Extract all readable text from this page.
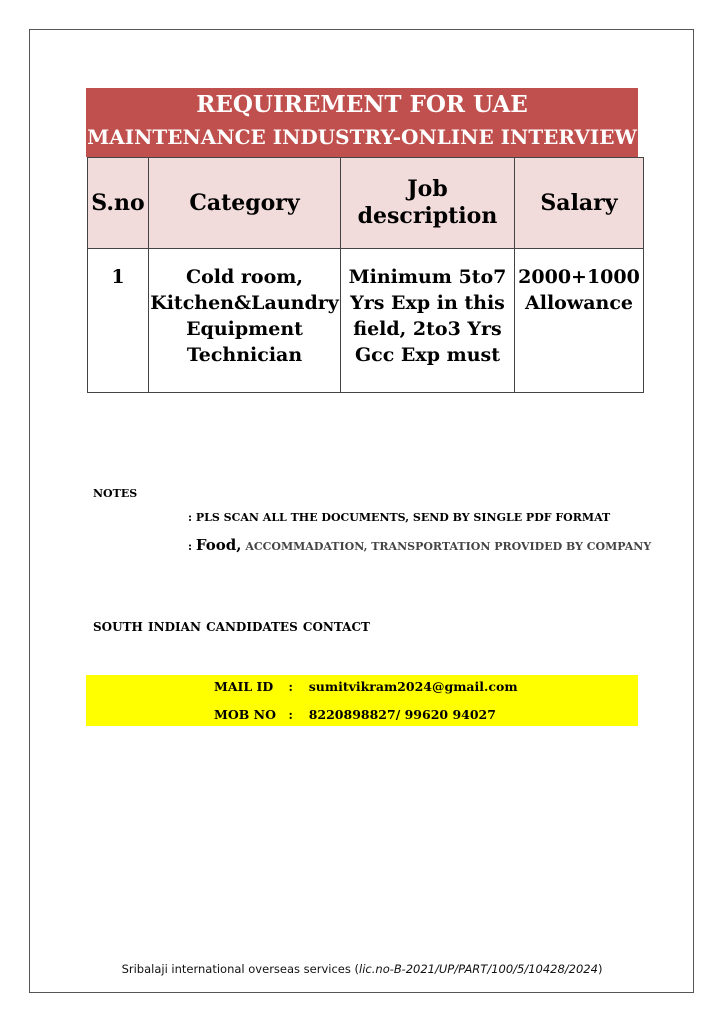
REQUIREMENT FOR UAE
MAINTENANCE INDUSTRY-ONLINE INTERVIEW
S.no	Category	Job description	Salary
1	Cold room, Kitchen&Laundry Equipment Technician	Minimum 5to7 Yrs Exp in this field, 2to3 Yrs Gcc Exp must	2000+1000 Allowance
NOTES
: PLS SCAN ALL THE DOCUMENTS, SEND BY SINGLE PDF FORMAT
: Food, ACCOMMADATION, TRANSPORTATION PROVIDED BY COMPANY
SOUTH INDIAN CANDIDATES CONTACT
MAIL ID : sumitvikram2024@gmail.com
MOB NO : 8220898827/ 99620 94027
Sribalaji international overseas services (lic.no-B-2021/UP/PART/100/5/10428/2024)
